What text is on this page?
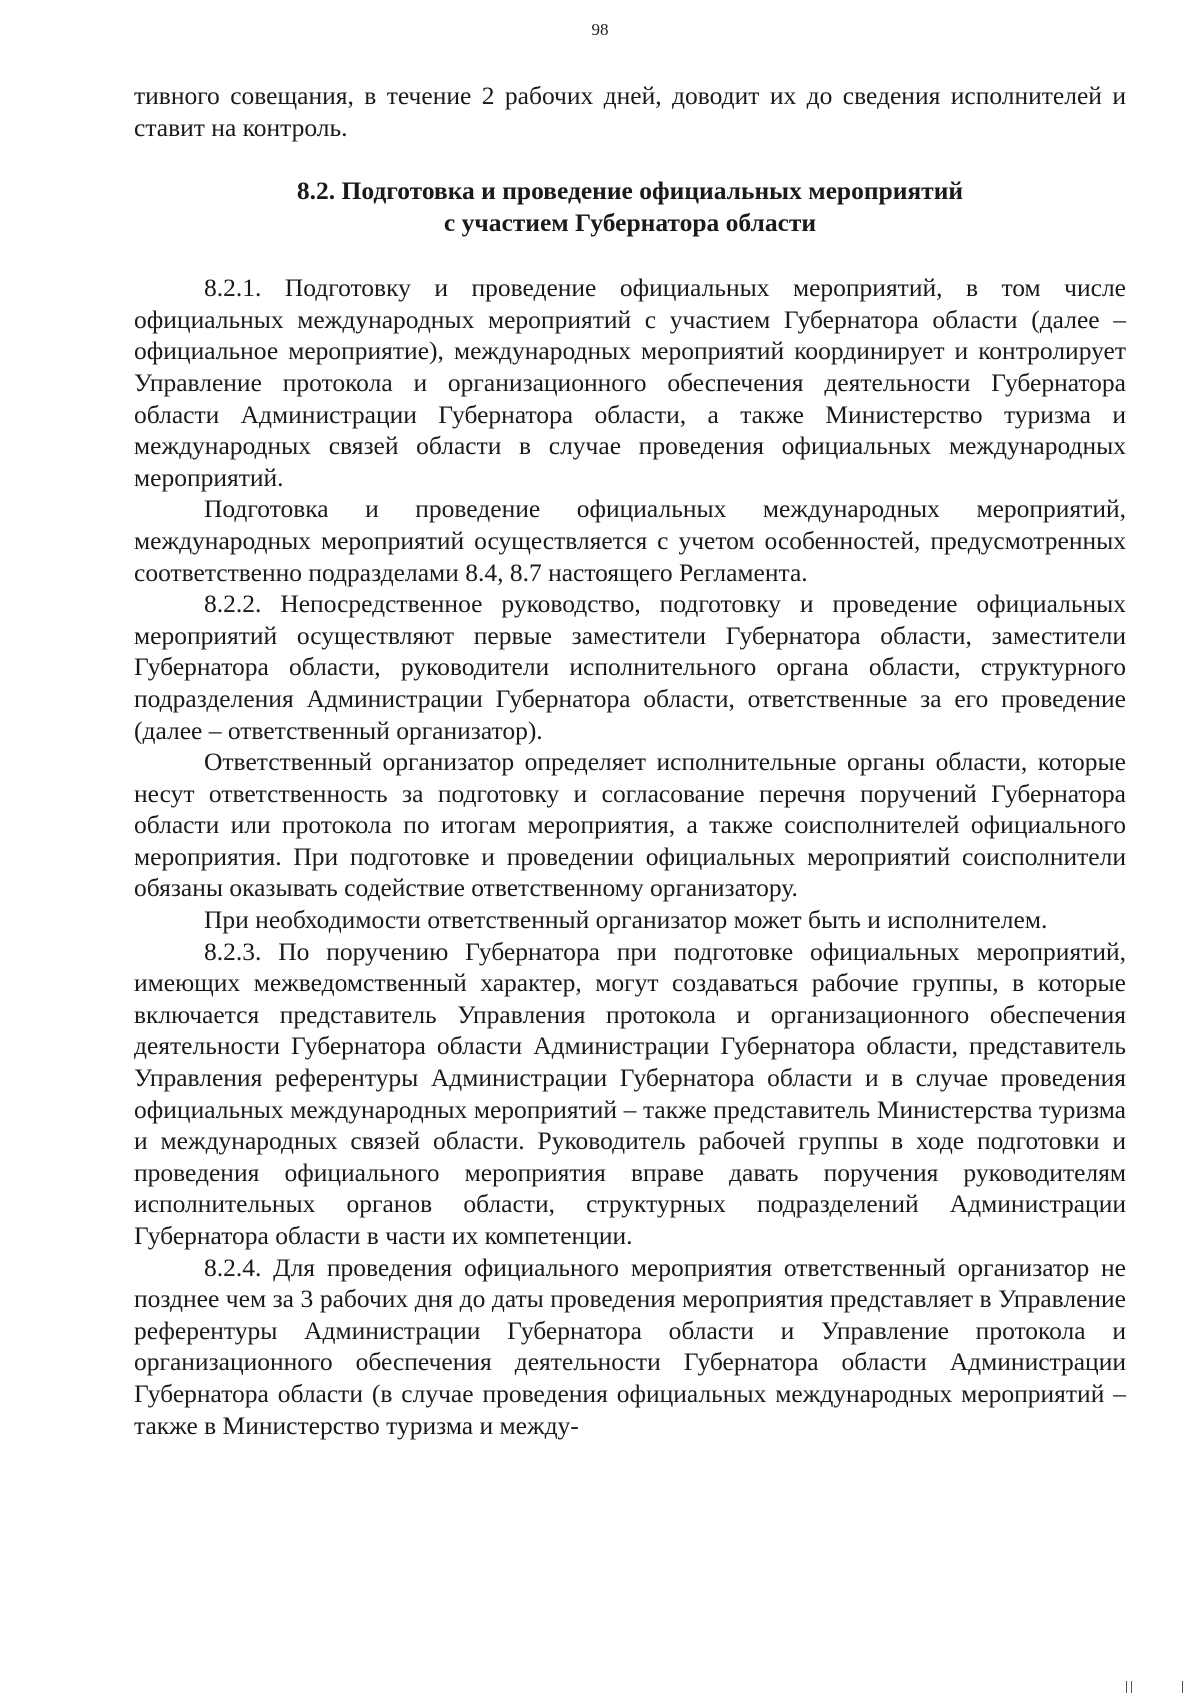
98

тивного совещания, в течение 2 рабочих дней, доводит их до сведения исполнителей и ставит на контроль.

8.2. Подготовка и проведение официальных мероприятий
с участием Губернатора области

8.2.1. Подготовку и проведение официальных мероприятий, в том числе официальных международных мероприятий с участием Губернатора области (далее – официальное мероприятие), международных мероприятий координирует и контролирует Управление протокола и организационного обеспечения деятельности Губернатора области Администрации Губернатора области, а также Министерство туризма и международных связей области в случае проведения официальных международных мероприятий.

Подготовка и проведение официальных международных мероприятий, международных мероприятий осуществляется с учетом особенностей, предусмотренных соответственно подразделами 8.4, 8.7 настоящего Регламента.

8.2.2. Непосредственное руководство, подготовку и проведение официальных мероприятий осуществляют первые заместители Губернатора области, заместители Губернатора области, руководители исполнительного органа области, структурного подразделения Администрации Губернатора области, ответственные за его проведение (далее – ответственный организатор).

Ответственный организатор определяет исполнительные органы области, которые несут ответственность за подготовку и согласование перечня поручений Губернатора области или протокола по итогам мероприятия, а также соисполнителей официального мероприятия. При подготовке и проведении официальных мероприятий соисполнители обязаны оказывать содействие ответственному организатору.

При необходимости ответственный организатор может быть и исполнителем.

8.2.3. По поручению Губернатора при подготовке официальных мероприятий, имеющих межведомственный характер, могут создаваться рабочие группы, в которые включается представитель Управления протокола и организационного обеспечения деятельности Губернатора области Администрации Губернатора области, представитель Управления референтуры Администрации Губернатора области и в случае проведения официальных международных мероприятий – также представитель Министерства туризма и международных связей области. Руководитель рабочей группы в ходе подготовки и проведения официального мероприятия вправе давать поручения руководителям исполнительных органов области, структурных подразделений Администрации Губернатора области в части их компетенции.

8.2.4. Для проведения официального мероприятия ответственный организатор не позднее чем за 3 рабочих дня до даты проведения мероприятия представляет в Управление референтуры Администрации Губернатора области и Управление протокола и организационного обеспечения деятельности Губернатора области Администрации Губернатора области (в случае проведения официальных международных мероприятий – также в Министерство туризма и между-
